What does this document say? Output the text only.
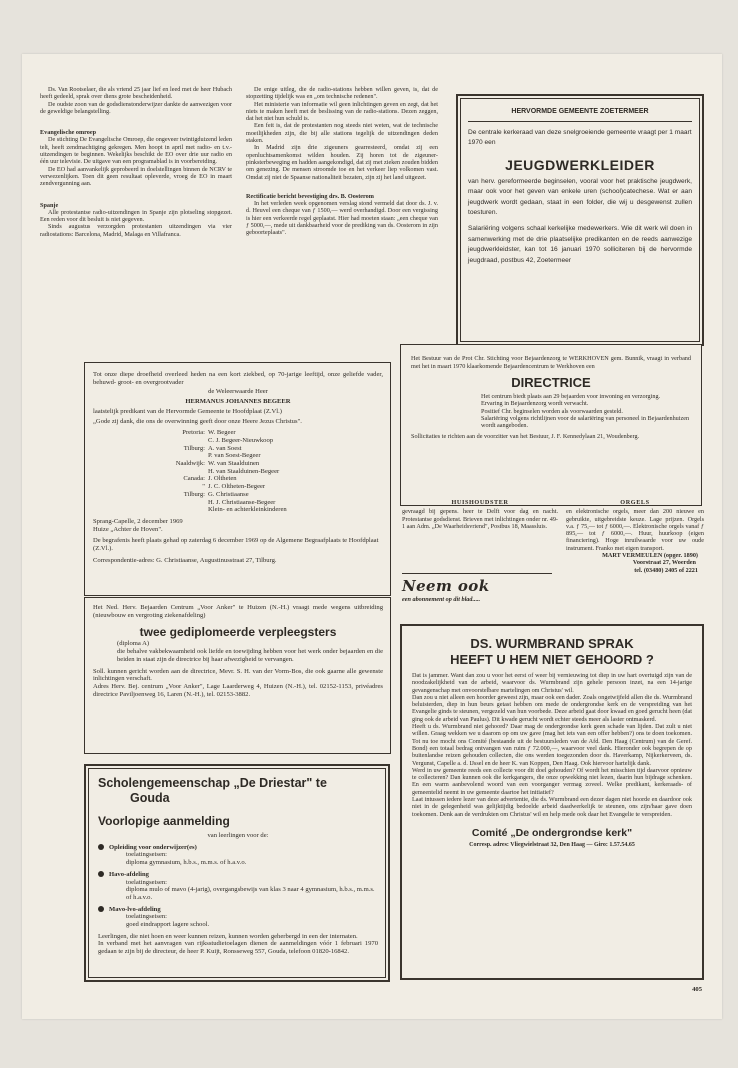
Ds. Van Rootselaer, die als vriend 25 jaar lief en leed met de heer Hubach heeft gedeeld, sprak over diens grote bescheidenheid.

De oudste zoon van de godsdienstonderwijzer dankte de aanwezigen voor de geweldige belangstelling.

Evangelische omroep

De stichting De Evangelische Omroep, die ongeveer twintigduizend leden telt, heeft zendmachtiging gekregen. Men hoopt in april met radio- en t.v.-uitzendingen te beginnen. Wekelijks beschikt de EO over drie uur radio en één uur televisie. De uitgave van een programablad is in voorbereiding.

De EO had aanvankelijk geprobeerd in doelstellingen binnen de NCRV te verwezenlijken. Toen dit geen resultaat opleverde, vroeg de EO in maart zendvergunning aan.

Spanje

Alle protestantse radio-uitzendingen in Spanje zijn plotseling stopgezet. Een reden voor dit besluit is niet gegeven.

Sinds augustus verzorgden protestanten uitzendingen via vier radiostations: Barcelona, Madrid, Malaga en Villafranca.

De enige uitleg, die de radio-stations hebben willen geven, is, dat de stopzetting tijdelijk was en „om technische redenen".

Het ministerie van informatie wil geen inlichtingen geven en zegt, dat het niets te maken heeft met de beslissing van de radio-stations. Dezen zeggen, dat het niet hun schuld is.

Een feit is, dat de protestanten nog steeds niet weten, wat de technische moeilijkheden zijn, die bij alle stations tegelijk de uitzendingen deden staken.

In Madrid zijn drie zigeuners gearresteerd, omdat zij een openluchtsamenkomst wilden houden. Zij horen tot de zigeuner-pinksterbeweging en hadden aangekondigd, dat zij met zieken zouden bidden om genezing. De mensen stroomde toe en het verkeer liep volkomen vast. Omdat zij niet de Spaanse nationaliteit bezaten, zijn zij het land uitgezet.

Rectificatie bericht bevestiging drs. B. Oosterom

In het verleden week opgenomen verslag stond vermeld dat door ds. J. v. d. Heuvel een cheque van ƒ 1500,— werd overhandigd. Door een vergissing is hier een verkeerde regel geplaatst. Hier had moeten staan: „een cheque van ƒ 5000,—, mede uit dankbaarheid voor de prediking van ds. Oosterom in zijn geboorteplaats".

HERVORMDE GEMEENTE ZOETERMEER

De centrale kerkeraad van deze snelgroeiende gemeente vraagt per 1 maart 1970 een

JEUGDWERKLEIDER

van herv. gereformeerde beginselen, vooral voor het praktische jeugdwerk, maar ook voor het geven van enkele uren (school)catechese. Wat er aan jeugdwerk wordt gedaan, staat in een folder, die wij u desgewenst zullen toesturen.

Salariëring volgens schaal kerkelijke medewerkers. Wie dit werk wil doen in samenwerking met de drie plaatselijke predikanten en de reeds aanwezige jeugdwerkleidster, kan tot 16 januari 1970 solliciteren bij de hervormde jeugdraad, postbus 42, Zoetermeer

Tot onze diepe droefheid overleed heden na een kort ziekbed, op 70-jarige leeftijd, onze geliefde vader, behuwd- groot- en overgrootvader

de Weleerwaarde Heer

HERMANUS JOHANNES BEGEER

laatstelijk predikant van de Hervormde Gemeente te Hoofdplaat (Z.Vl.)

„Gode zij dank, die ons de overwinning geeft door onze Heere Jezus Christus".

Pretoria: W. Begeer
C. J. Begeer-Nieuwkoop
Tilburg: A. van Soest
P. van Soest-Begeer
Naaldwijk: W. van Staalduinen
H. van Staalduinen-Begeer
Canada: J. Oltheten
" J. C. Oltheten-Begeer
Tilburg: G. Christiaanse
H. J. Christiaanse-Begeer
Klein- en achterkleinkinderen

Sprang-Capelle, 2 december 1969

Huize „Achter de Hoven".

De begrafenis heeft plaats gehad op zaterdag 6 december 1969 op de Algemene Begraafplaats te Hoofdplaat (Z.Vl.).

Correspondentie-adres: G. Christiaanse, Augustinusstraat 27, Tilburg.

Het Bestuur van de Prot Chr. Stichting voor Bejaardenzorg te WERKHOVEN gem. Bunnik, vraagt in verband met het in maart 1970 klaarkomende Bejaardencentrum te Werkhoven een

DIRECTRICE

Het centrum biedt plaats aan 29 bejaarden voor inwoning en verzorging.

Ervaring in Bejaardenzorg wordt verwacht.

Positief Chr. beginselen worden als voorwaarden gesteld.

Salariëring volgens richtlijnen voor de salariëring van personeel in Bejaardenhuizen wordt aangeboden.

Sollicitaties te richten aan de voorzitter van het Bestuur, J. F. Kennedylaan 21, Woudenberg.

HUISHOUDSTER

gevraagd bij gepens. heer te Delft voor dag en nacht. Protestantse godsdienst. Brieven met inlichtingen onder nr. 49-1 aan Adm. „De Waarheidsvriend", Postbus 18, Maassluis.

ORGELS

en elektronische orgels, meer dan 200 nieuwe en gebruikte, uitgebreidste keuze. Lage prijzen. Orgels v.a. ƒ 75,— tot ƒ 6000,—. Elektronische orgels vanaf ƒ 895,— tot ƒ 6000,—. Huur, huurkoop (eigen financiering). Hoge inruilwaarde voor uw oude instrument. Franko met eigen transport.

MART VERMEULEN (opger. 1890)

Voorstraat 27, Woerden

tel. (03480) 2405 of 2221

Neem ook

een abonnement op dit blad.....

Het Ned. Herv. Bejaarden Centrum „Voor Anker" te Huizen (N.-H.) vraagt mede wegens uitbreiding (nieuwbouw en vergroting ziekenafdeling)

twee gediplomeerde verpleegsters

(diploma A)

die behalve vakbekwaamheid ook liefde en toewijding hebben voor het werk onder bejaarden en die beiden in staat zijn de directrice bij haar afwezigheid te vervangen.

Soll. kunnen gericht worden aan de directrice, Mevr. S. H. van der Vorm-Bos, die ook gaarne alle gewenste inlichtingen verschaft.

Adres Herv. Bej. centrum „Voor Anker", Lage Laarderweg 4, Huizen (N.-H.), tel. 02152-1153, privéadres directrice Paviljoenweg 16, Laren (N.-H.), tel. 02153-3882.

Scholengemeenschap „De Driestar" te

Gouda

Voorlopige aanmelding

van leerlingen voor de:

Opleiding voor onderwijzer(es)

toelatingseisen:

diploma gymnasium, h.b.s., m.m.s. of h.a.v.o.

Havo-afdeling

toelatingseisen:

diploma mulo of mavo (4-jarig), overgangsbewijs van klas 3 naar 4 gymnasium, h.b.s., m.m.s. of h.a.v.o.

Mavo-lvo-afdeling

toelatingseisen:

goed eindrapport lagere school.

Leerlingen, die niet hoen en weer kunnen reizen, kunnen worden geherbergd in een der internaten.

In verband met het aanvragen van rijksstudietoelagen dienen de aanmeldingen vóór 1 februari 1970 gedaan te zijn bij de directeur, de heer P. Kuijt, Ronsseweg 557, Gouda, telefoon 01820-16842.

DS. WURMBRAND SPRAK

HEEFT U HEM NIET GEHOORD ?

Dat is jammer. Want dan zou u voor het eerst of weer bij vernieuwing tot diep in uw hart overtuigd zijn van de noodzakelijkheid van de arbeid, waarvoor ds. Wurmbrand zijn gehele persoon inzet, na een 14-jarige gevangenschap met onvoorstelbare martelingen om Christus' wil.

Dan zou u niet alleen een hoorder geweest zijn, maar ook een dader. Zoals ongetwijfeld allen die ds. Wurmbrand beluisterden, diep in hun beurs getast hebben om mede de ondergrondse kerk en de verspreiding van het Evangelie ginds te steunen, vergezeld van hun voorbede. Deze arbeid gaat door kwaad en goed gerucht heen (dat ging ook de arbeid van Paulus). Dit kwade gerucht wordt echter steeds meer als laster ontmaskerd.

Heeft u ds. Wurmbrand niet gehoord? Daar mag de ondergrondse kerk geen schade van lijden. Dat zult u niet willen. Graag wekken we u daarom op om uw gave (mag het iets van een offer hebben?) ons te doen toekomen. Tot nu toe mocht ons Comité (bestaande uit de bestuursleden van de Afd. Den Haag (Centrum) van de Geref. Bond) een totaal bedrag ontvangen van ruim ƒ 72.000,—, waarvoor veel dank. Hieronder ook begrepen de op buitenlandse reizen gehouden collecten, die ons werden toegezonden door ds. Haverkamp, Nijkerkerveen, ds. Vergunst, Capelle a. d. IJssel en de heer K. van Koppen, Den Haag. Ook hiervoor hartelijk dank.

Werd in uw gemeente reeds een collecte voor dit doel gehouden? Of wordt het misschien tijd daarvoor opnieuw te collecteren? Dan kunnen ook die kerkgangers, die onze opwekking niet lezen, daarin hun bijdrage schenken. En een warm aanbevolend woord van een voorganger vermag zoveel. Welke predikant, kerkeraads- of gemeentelid neemt in uw gemeente daartoe het initiatief?

Laat intussen iedere lezer van deze advertentie, die ds. Wurmbrand een dezer dagen niet hoorde en daardoor ook niet in de gelegenheid was gelijktijdig bedoelde arbeid daadwerkelijk te steunen, ons zijn/haar gave doen toekomen. Denk aan de verdrukten om Christus' wil en help mede ook daar het Evangelie te verspreiden.

Comité „De ondergrondse kerk"

Corresp. adres: Vliegwielstraat 32, Den Haag — Giro: 1.57.54.65

405
